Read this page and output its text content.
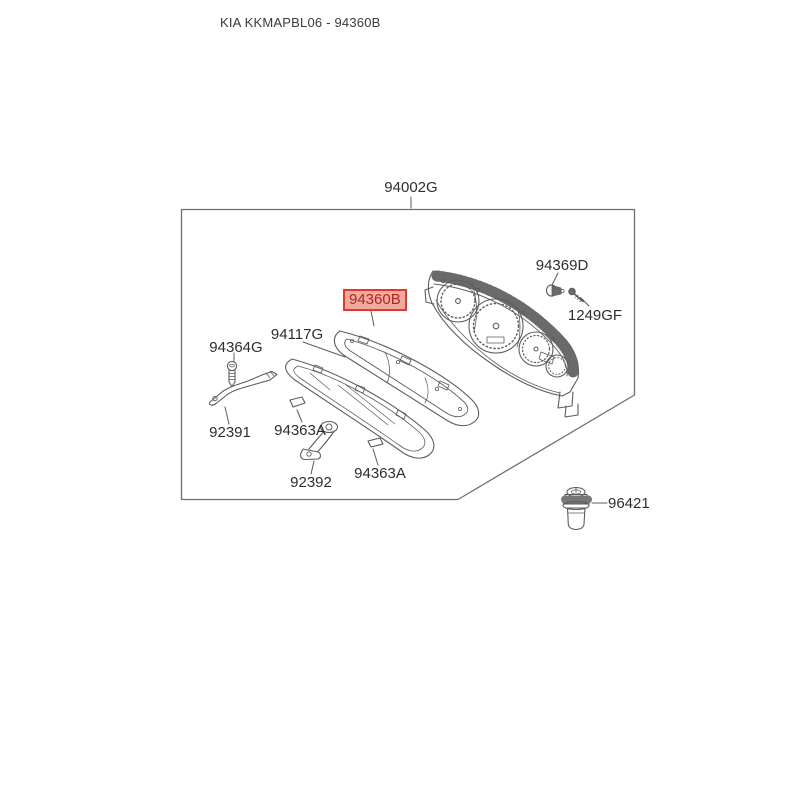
KIA KKMAPBL06 - 94360B
94002G
94369D
1249GF
94360B
94117G
94364G
92391 94363A
92392
94363A
96421
